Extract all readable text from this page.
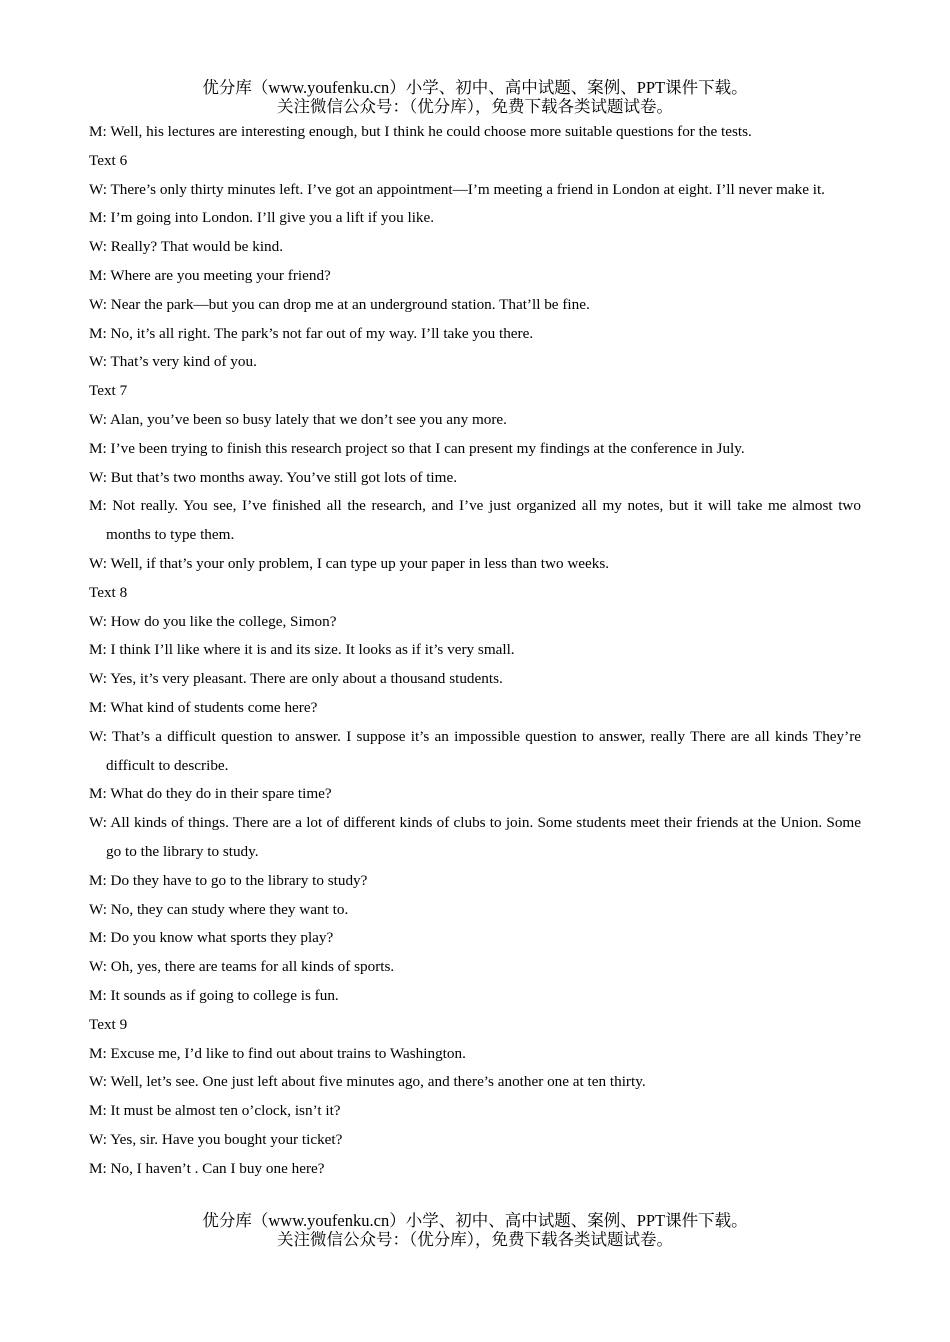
优分库（www.youfenku.cn）小学、初中、高中试题、案例、PPT课件下载。
关注微信公众号：（优分库），免费下载各类试题试卷。
M: Well, his lectures are interesting enough, but I think he could choose more suitable questions for the tests.
Text 6
W: There’s only thirty minutes left. I’ve got an appointment—I’m meeting a friend in London at eight. I’ll never make it.
M: I’m going into London. I’ll give you a lift if you like.
W: Really? That would be kind.
M: Where are you meeting your friend?
W: Near the park—but you can drop me at an underground station. That’ll be fine.
M: No, it’s all right. The park’s not far out of my way. I’ll take you there.
W: That’s very kind of you.
Text 7
W: Alan, you’ve been so busy lately that we don’t see you any more.
M: I’ve been trying to finish this research project so that I can present my findings at the conference in July.
W: But that’s two months away. You’ve still got lots of time.
M: Not really. You see, I’ve finished all the research, and I’ve just organized all my notes, but it will take me almost two months to type them.
W: Well, if that’s your only problem, I can type up your paper in less than two weeks.
Text 8
W: How do you like the college, Simon?
M: I think I’ll like where it is and its size. It looks as if it’s very small.
W: Yes, it’s very pleasant. There are only about a thousand students.
M: What kind of students come here?
W: That’s a difficult question to answer. I suppose it’s an impossible question to answer, really There are all kinds They’re difficult to describe.
M: What do they do in their spare time?
W: All kinds of things. There are a lot of different kinds of clubs to join. Some students meet their friends at the Union. Some go to the library to study.
M: Do they have to go to the library to study?
W: No, they can study where they want to.
M: Do you know what sports they play?
W: Oh, yes, there are teams for all kinds of sports.
M: It sounds as if going to college is fun.
Text 9
M: Excuse me, I’d like to find out about trains to Washington.
W: Well, let’s see. One just left about five minutes ago, and there’s another one at ten thirty.
M: It must be almost ten o’clock, isn’t it?
W: Yes, sir. Have you bought your ticket?
M: No, I haven’t . Can I buy one here?
优分库（www.youfenku.cn）小学、初中、高中试题、案例、PPT课件下载。
关注微信公众号：（优分库），免费下载各类试题试卷。
